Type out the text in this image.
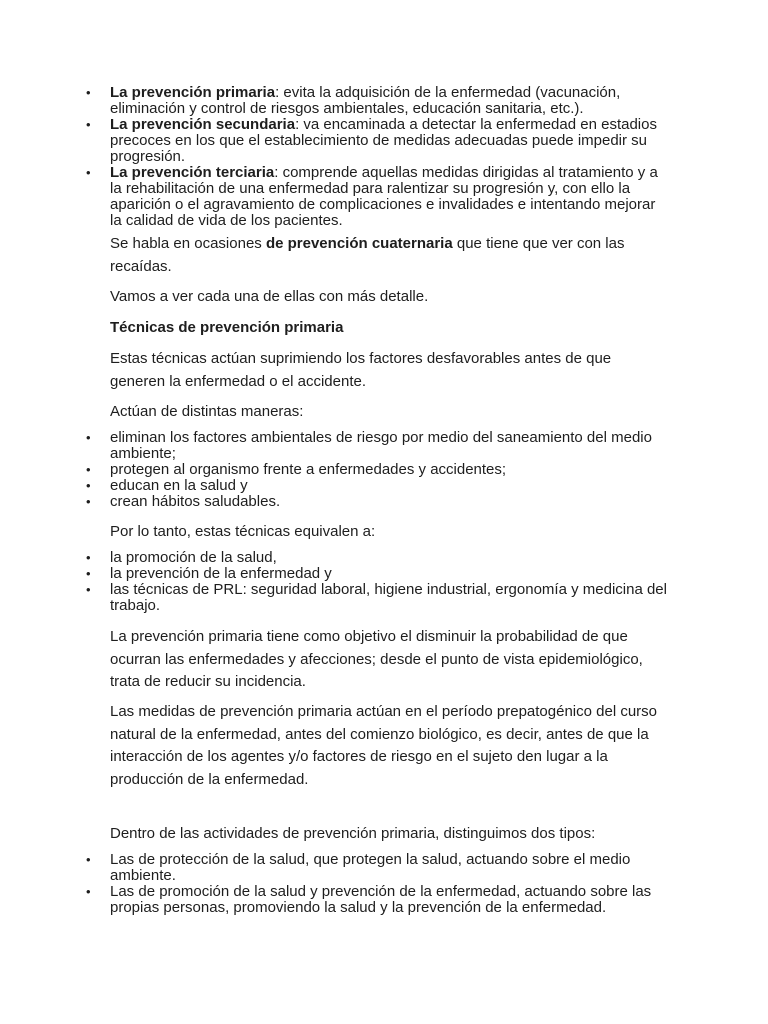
• La prevención primaria: evita la adquisición de la enfermedad (vacunación, eliminación y control de riesgos ambientales, educación sanitaria, etc.).
• La prevención secundaria: va encaminada a detectar la enfermedad en estadios precoces en los que el establecimiento de medidas adecuadas puede impedir su progresión.
• La prevención terciaria: comprende aquellas medidas dirigidas al tratamiento y a la rehabilitación de una enfermedad para ralentizar su progresión y, con ello la aparición o el agravamiento de complicaciones e invalidades e intentando mejorar la calidad de vida de los pacientes.

Se habla en ocasiones de prevención cuaternaria que tiene que ver con las recaídas.

Vamos a ver cada una de ellas con más detalle.

Técnicas de prevención primaria

Estas técnicas actúan suprimiendo los factores desfavorables antes de que generen la enfermedad o el accidente.

Actúan de distintas maneras:

• eliminan los factores ambientales de riesgo por medio del saneamiento del medio ambiente;
• protegen al organismo frente a enfermedades y accidentes;
• educan en la salud y
• crean hábitos saludables.

Por lo tanto, estas técnicas equivalen a:

• la promoción de la salud,
• la prevención de la enfermedad y
• las técnicas de PRL: seguridad laboral, higiene industrial, ergonomía y medicina del trabajo.

La prevención primaria tiene como objetivo el disminuir la probabilidad de que ocurran las enfermedades y afecciones; desde el punto de vista epidemiológico, trata de reducir su incidencia.

Las medidas de prevención primaria actúan en el período prepatogénico del curso natural de la enfermedad, antes del comienzo biológico, es decir, antes de que la interacción de los agentes y/o factores de riesgo en el sujeto den lugar a la producción de la enfermedad.

Dentro de las actividades de prevención primaria, distinguimos dos tipos:

• Las de protección de la salud, que protegen la salud, actuando sobre el medio ambiente.
• Las de promoción de la salud y prevención de la enfermedad, actuando sobre las propias personas, promoviendo la salud y la prevención de la enfermedad.
